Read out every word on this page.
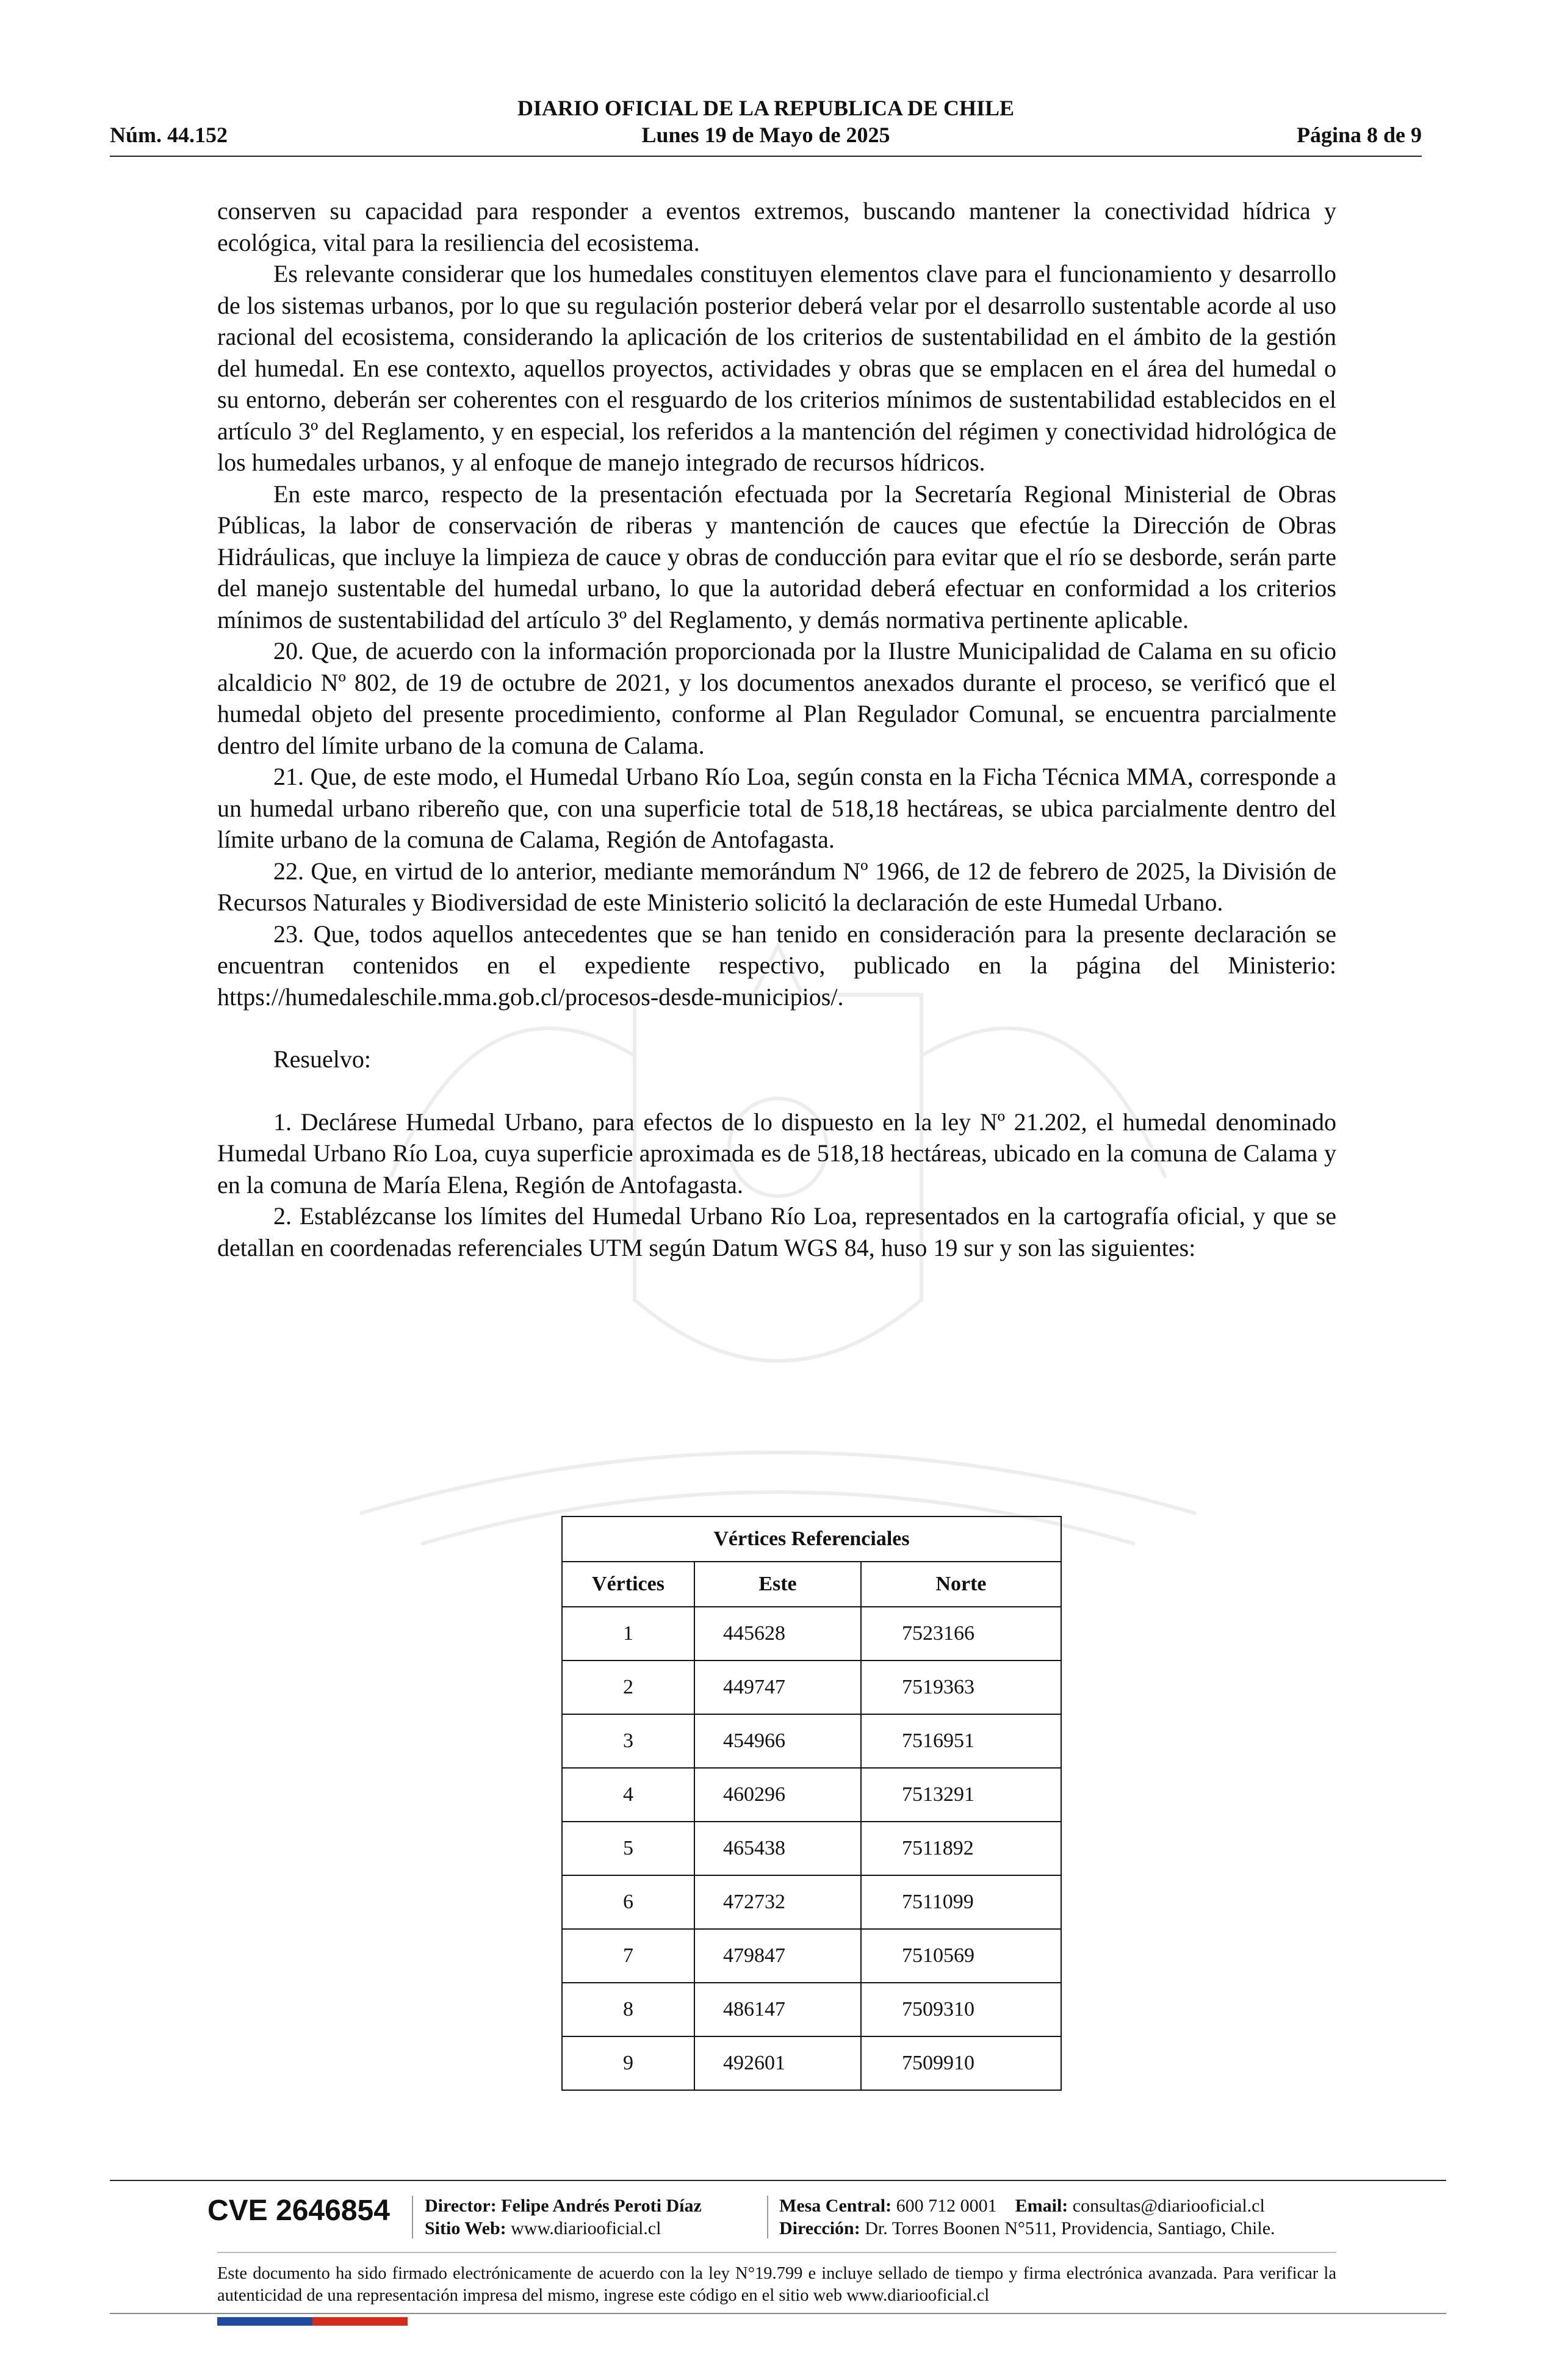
DIARIO OFICIAL DE LA REPUBLICA DE CHILE
Núm. 44.152	Lunes 19 de Mayo de 2025	Página 8 de 9

conserven su capacidad para responder a eventos extremos, buscando mantener la conectividad hídrica y ecológica, vital para la resiliencia del ecosistema.

Es relevante considerar que los humedales constituyen elementos clave para el funcionamiento y desarrollo de los sistemas urbanos, por lo que su regulación posterior deberá velar por el desarrollo sustentable acorde al uso racional del ecosistema, considerando la aplicación de los criterios de sustentabilidad en el ámbito de la gestión del humedal. En ese contexto, aquellos proyectos, actividades y obras que se emplacen en el área del humedal o su entorno, deberán ser coherentes con el resguardo de los criterios mínimos de sustentabilidad establecidos en el artículo 3º del Reglamento, y en especial, los referidos a la mantención del régimen y conectividad hidrológica de los humedales urbanos, y al enfoque de manejo integrado de recursos hídricos.

En este marco, respecto de la presentación efectuada por la Secretaría Regional Ministerial de Obras Públicas, la labor de conservación de riberas y mantención de cauces que efectúe la Dirección de Obras Hidráulicas, que incluye la limpieza de cauce y obras de conducción para evitar que el río se desborde, serán parte del manejo sustentable del humedal urbano, lo que la autoridad deberá efectuar en conformidad a los criterios mínimos de sustentabilidad del artículo 3º del Reglamento, y demás normativa pertinente aplicable.

20. Que, de acuerdo con la información proporcionada por la Ilustre Municipalidad de Calama en su oficio alcaldicio Nº 802, de 19 de octubre de 2021, y los documentos anexados durante el proceso, se verificó que el humedal objeto del presente procedimiento, conforme al Plan Regulador Comunal, se encuentra parcialmente dentro del límite urbano de la comuna de Calama.

21. Que, de este modo, el Humedal Urbano Río Loa, según consta en la Ficha Técnica MMA, corresponde a un humedal urbano ribereño que, con una superficie total de 518,18 hectáreas, se ubica parcialmente dentro del límite urbano de la comuna de Calama, Región de Antofagasta.

22. Que, en virtud de lo anterior, mediante memorándum Nº 1966, de 12 de febrero de 2025, la División de Recursos Naturales y Biodiversidad de este Ministerio solicitó la declaración de este Humedal Urbano.

23. Que, todos aquellos antecedentes que se han tenido en consideración para la presente declaración se encuentran contenidos en el expediente respectivo, publicado en la página del Ministerio: https://humedaleschile.mma.gob.cl/procesos-desde-municipios/.

Resuelvo:

1. Declárese Humedal Urbano, para efectos de lo dispuesto en la ley Nº 21.202, el humedal denominado Humedal Urbano Río Loa, cuya superficie aproximada es de 518,18 hectáreas, ubicado en la comuna de Calama y en la comuna de María Elena, Región de Antofagasta.

2. Establézcanse los límites del Humedal Urbano Río Loa, representados en la cartografía oficial, y que se detallan en coordenadas referenciales UTM según Datum WGS 84, huso 19 sur y son las siguientes:

Vértices Referenciales		
Vértices	Este	Norte
1	445628	7523166
2	449747	7519363
3	454966	7516951
4	460296	7513291
5	465438	7511892
6	472732	7511099
7	479847	7510569
8	486147	7509310
9	492601	7509910
CVE 2646854 Director: Felipe Andrés Peroti Díaz
Sitio Web: www.diariooficial.cl
Mesa Central: 600 712 0001 Email: consultas@diariooficial.cl
Dirección: Dr. Torres Boonen N°511, Providencia, Santiago, Chile.
Este documento ha sido firmado electrónicamente de acuerdo con la ley N°19.799 e incluye sellado de tiempo y firma electrónica avanzada. Para verificar la autenticidad de una representación impresa del mismo, ingrese este código en el sitio web www.diariooficial.cl
